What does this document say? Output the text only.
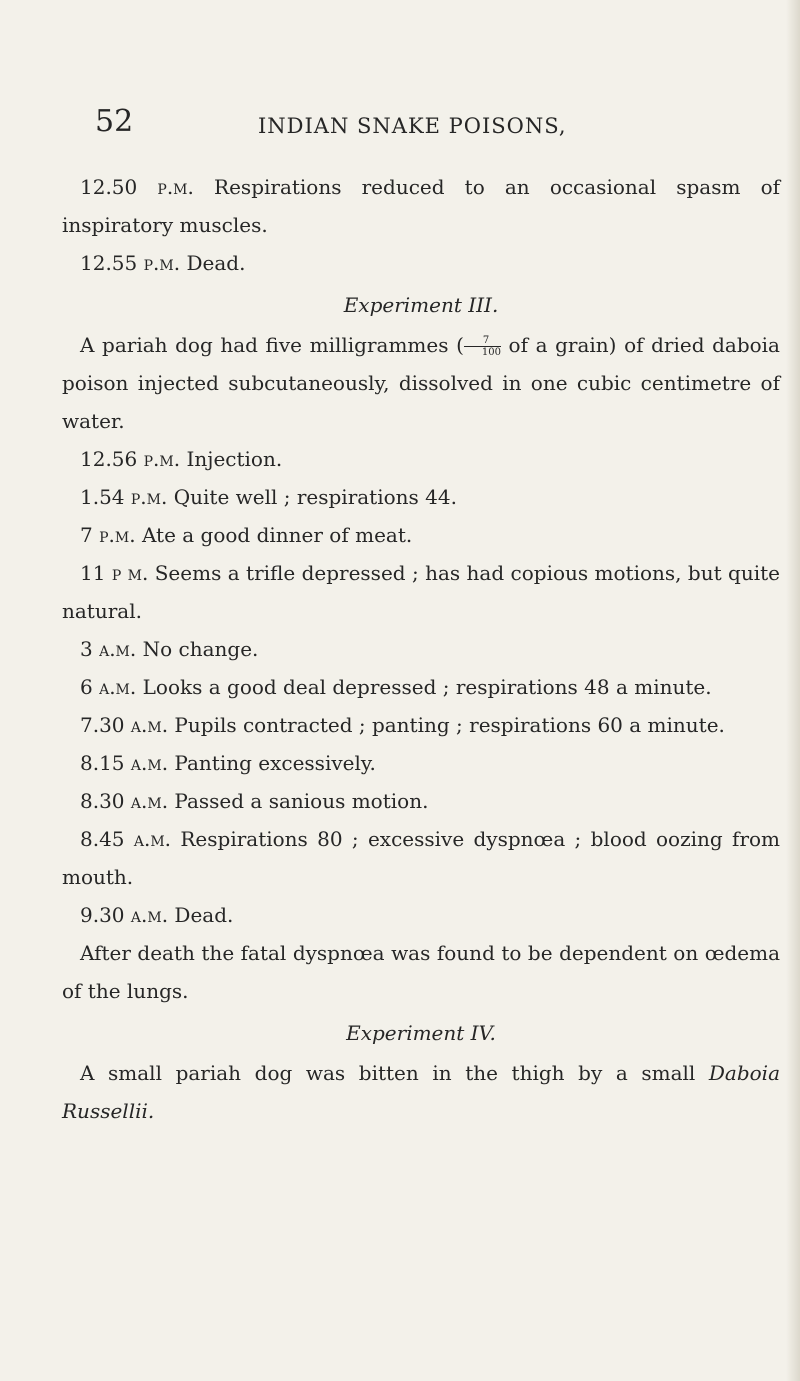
52	INDIAN SNAKE POISONS,

12.50 p.m. Respirations reduced to an occasional spasm of inspiratory muscles.

12.55 p.m. Dead.

Experiment III.

A pariah dog had five milligrammes ( $\frac{7}{100}$ of a grain) of dried daboia poison injected subcutaneously, dissolved in one cubic centimetre of water.

12.56 p.m. Injection.

1.54 p.m. Quite well ; respirations 44.

7 p.m. Ate a good dinner of meat.

11 p m. Seems a trifle depressed ; has had copious motions, but quite natural.

3 a.m. No change.

6 a.m. Looks a good deal depressed ; respirations 48 a minute.

7.30 a.m. Pupils contracted ; panting ; respirations 60 a minute.

8.15 a.m. Panting excessively.

8.30 a.m. Passed a sanious motion.

8.45 a.m. Respirations 80 ; excessive dyspnœa ; blood oozing from mouth.

9.30 a.m. Dead.

After death the fatal dyspnœa was found to be dependent on œdema of the lungs.

Experiment IV.

A small pariah dog was bitten in the thigh by a small Daboia Russellii.
